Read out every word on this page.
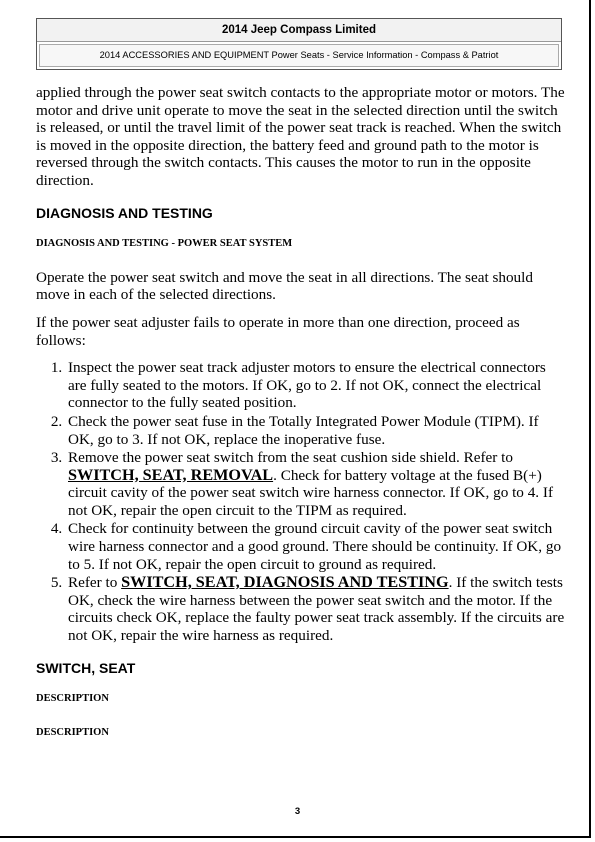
2014 Jeep Compass Limited
2014 ACCESSORIES AND EQUIPMENT Power Seats - Service Information - Compass & Patriot

applied through the power seat switch contacts to the appropriate motor or motors. The motor and drive unit operate to move the seat in the selected direction until the switch is released, or until the travel limit of the power seat track is reached. When the switch is moved in the opposite direction, the battery feed and ground path to the motor is reversed through the switch contacts. This causes the motor to run in the opposite direction.

DIAGNOSIS AND TESTING
DIAGNOSIS AND TESTING - POWER SEAT SYSTEM

Operate the power seat switch and move the seat in all directions. The seat should move in each of the selected directions.

If the power seat adjuster fails to operate in more than one direction, proceed as follows:

1. Inspect the power seat track adjuster motors to ensure the electrical connectors are fully seated to the motors. If OK, go to 2. If not OK, connect the electrical connector to the fully seated position.
2. Check the power seat fuse in the Totally Integrated Power Module (TIPM). If OK, go to 3. If not OK, replace the inoperative fuse.
3. Remove the power seat switch from the seat cushion side shield. Refer to SWITCH, SEAT, REMOVAL. Check for battery voltage at the fused B(+) circuit cavity of the power seat switch wire harness connector. If OK, go to 4. If not OK, repair the open circuit to the TIPM as required.
4. Check for continuity between the ground circuit cavity of the power seat switch wire harness connector and a good ground. There should be continuity. If OK, go to 5. If not OK, repair the open circuit to ground as required.
5. Refer to SWITCH, SEAT, DIAGNOSIS AND TESTING. If the switch tests OK, check the wire harness between the power seat switch and the motor. If the circuits check OK, replace the faulty power seat track assembly. If the circuits are not OK, repair the wire harness as required.
SWITCH, SEAT
DESCRIPTION
DESCRIPTION
3
